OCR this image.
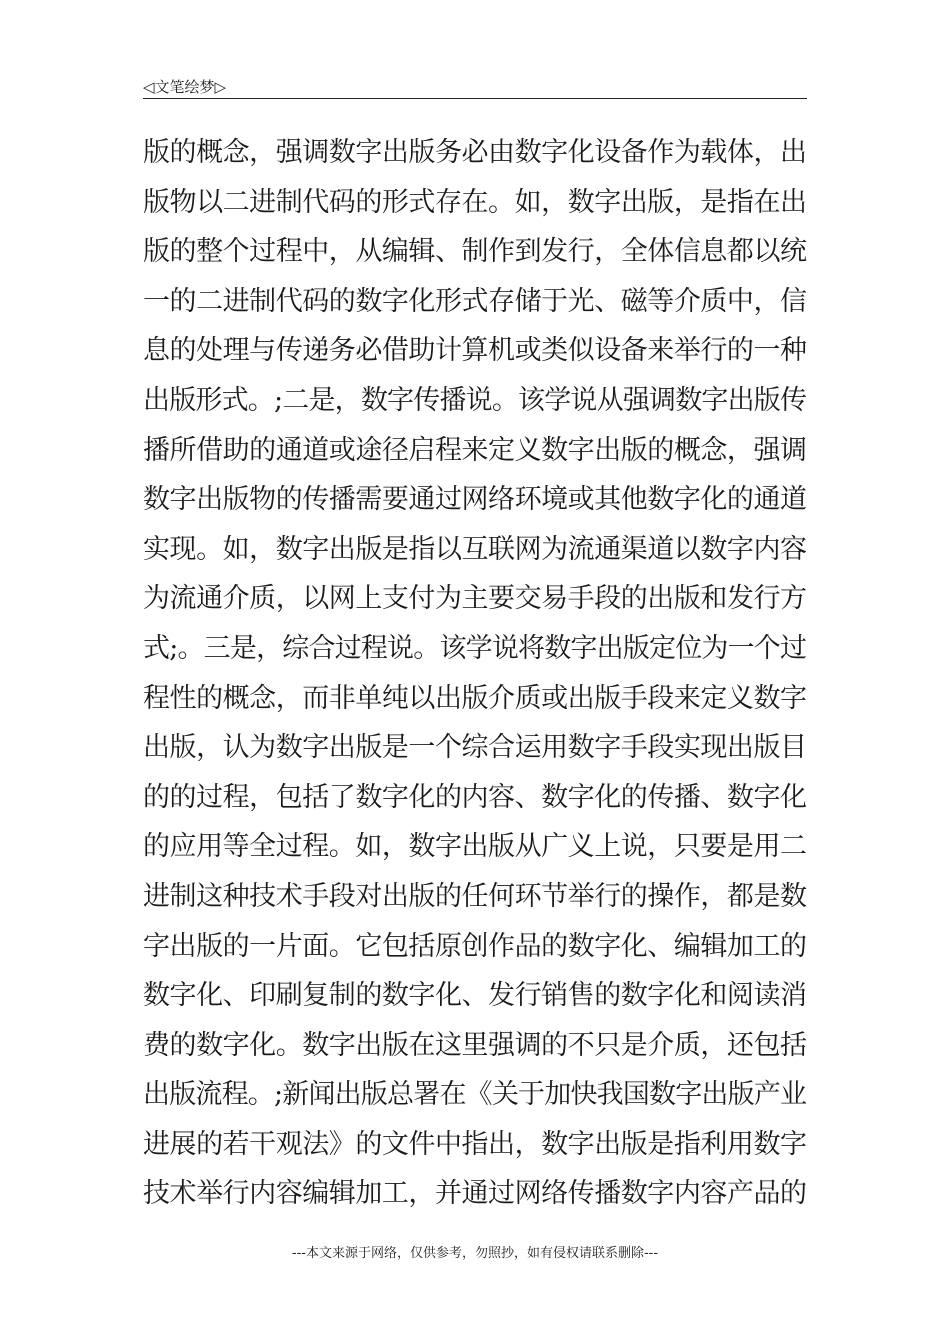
◁文笔绘梦▷
版的概念，强调数字出版务必由数字化设备作为载体，出
版物以二进制代码的形式存在。如，数字出版，是指在出
版的整个过程中，从编辑、制作到发行，全体信息都以统
一的二进制代码的数字化形式存储于光、磁等介质中，信
息的处理与传递务必借助计算机或类似设备来举行的一种
出版形式。;二是，数字传播说。该学说从强调数字出版传
播所借助的通道或途径启程来定义数字出版的概念，强调
数字出版物的传播需要通过网络环境或其他数字化的通道
实现。如，数字出版是指以互联网为流通渠道以数字内容
为流通介质，以网上支付为主要交易手段的出版和发行方
式;。三是，综合过程说。该学说将数字出版定位为一个过
程性的概念，而非单纯以出版介质或出版手段来定义数字
出版，认为数字出版是一个综合运用数字手段实现出版目
的的过程，包括了数字化的内容、数字化的传播、数字化
的应用等全过程。如，数字出版从广义上说，只要是用二
进制这种技术手段对出版的任何环节举行的操作，都是数
字出版的一片面。它包括原创作品的数字化、编辑加工的
数字化、印刷复制的数字化、发行销售的数字化和阅读消
费的数字化。数字出版在这里强调的不只是介质，还包括
出版流程。;新闻出版总署在《关于加快我国数字出版产业
进展的若干观法》的文件中指出，数字出版是指利用数字
技术举行内容编辑加工，并通过网络传播数字内容产品的
---本文来源于网络，仅供参考，勿照抄，如有侵权请联系删除---
